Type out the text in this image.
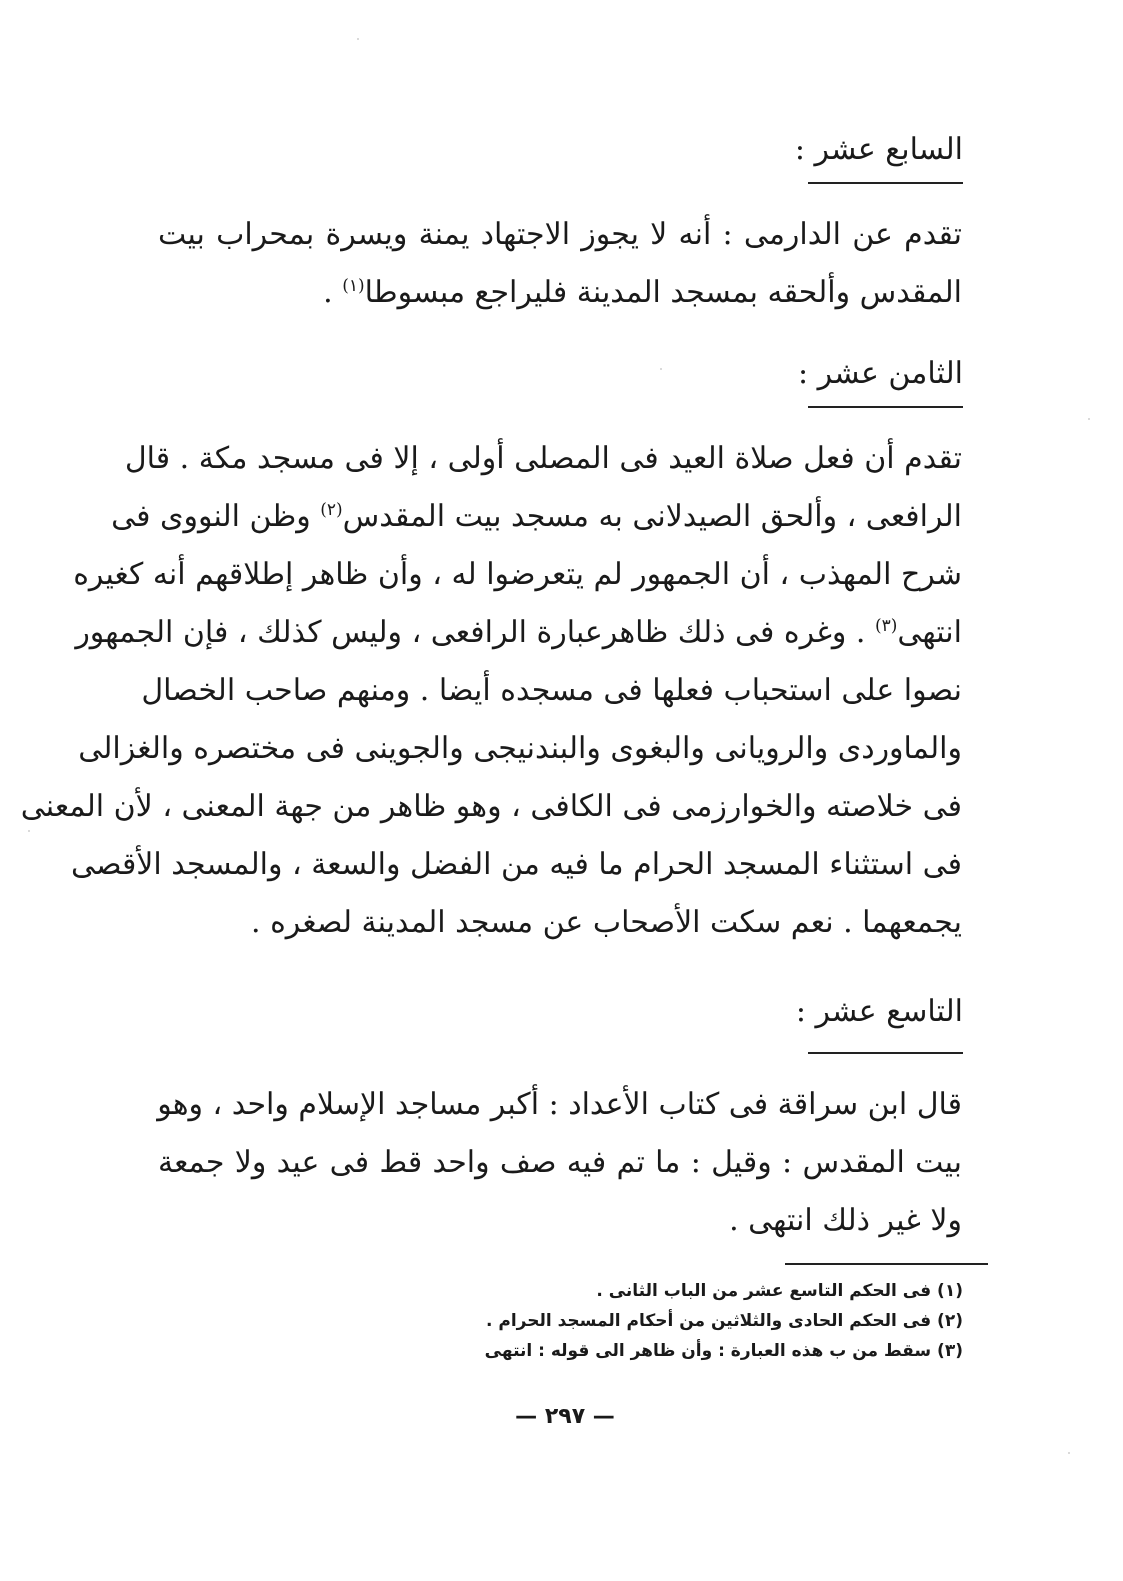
السابع عشر :
تقدم عن الدارمى : أنه لا يجوز الاجتهاد يمنة ويسرة بمحراب بيت
المقدس وألحقه بمسجد المدينة فليراجع مبسوطا$^{(١)}$ .
الثامن عشر :
تقدم أن فعل صلاة العيد فى المصلى أولى ، إلا فى مسجد مكة . قال
الرافعى ، وألحق الصيدلانى به مسجد بيت المقدس$^{(٢)}$ وظن النووى فى
شرح المهذب ، أن الجمهور لم يتعرضوا له ، وأن ظاهر إطلاقهم أنه كغيره
انتهى$^{(٣)}$ . وغره فى ذلك ظاهرعبارة الرافعى ، وليس كذلك ، فإن الجمهور
نصوا على استحباب فعلها فى مسجده أيضا . ومنهم صاحب الخصال
والماوردى والرويانى والبغوى والبندنيجى والجوينى فى مختصره والغزالى
فى خلاصته والخوارزمى فى الكافى ، وهو ظاهر من جهة المعنى ، لأن المعنى
فى استثناء المسجد الحرام ما فيه من الفضل والسعة ، والمسجد الأقصى
يجمعهما . نعم سكت الأصحاب عن مسجد المدينة لصغره .
التاسع عشر :
قال ابن سراقة فى كتاب الأعداد : أكبر مساجد الإسلام واحد ، وهو
بيت المقدس : وقيل : ما تم فيه صف واحد قط فى عيد ولا جمعة
ولا غير ذلك انتهى .
(١) فى الحكم التاسع عشر من الباب الثانى .
(٢) فى الحكم الحادى والثلاثين من أحكام المسجد الحرام .
(٣) سقط من ب هذه العبارة : وأن ظاهر الى قوله : انتهى
— ٢٩٧ —
